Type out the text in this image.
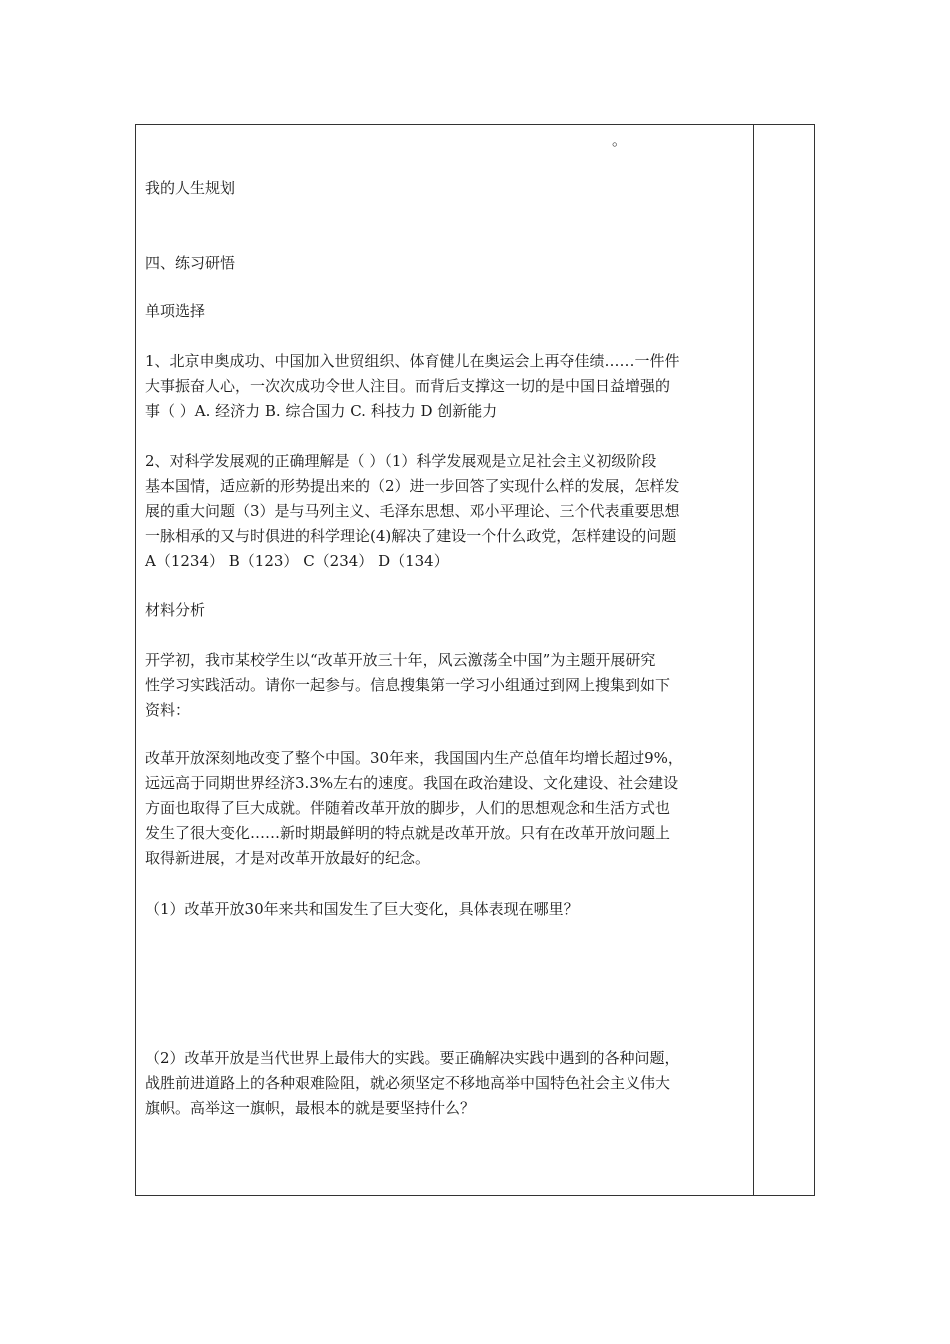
。
我的人生规划
四、练习研悟
单项选择
1、北京申奥成功、中国加入世贸组织、体育健儿在奥运会上再夺佳绩……一件件
大事振奋人心，一次次成功令世人注目。而背后支撑这一切的是中国日益增强的
事（ ）A. 经济力 B. 综合国力 C. 科技力 D 创新能力
2、对科学发展观的正确理解是（ ）（1）科学发展观是立足社会主义初级阶段
基本国情，适应新的形势提出来的（2）进一步回答了实现什么样的发展，怎样发
展的重大问题（3）是与马列主义、毛泽东思想、邓小平理论、三个代表重要思想
一脉相承的又与时俱进的科学理论(4)解决了建设一个什么政党，怎样建设的问题
A（1234） B（123） C（234） D（134）
材料分析
开学初，我市某校学生以“改革开放三十年，风云激荡全中国”为主题开展研究
性学习实践活动。请你一起参与。信息搜集第一学习小组通过到网上搜集到如下
资料：
改革开放深刻地改变了整个中国。30年来，我国国内生产总值年均增长超过9%，
远远高于同期世界经济3.3%左右的速度。我国在政治建设、文化建设、社会建设
方面也取得了巨大成就。伴随着改革开放的脚步，人们的思想观念和生活方式也
发生了很大变化……新时期最鲜明的特点就是改革开放。只有在改革开放问题上
取得新进展，才是对改革开放最好的纪念。
（1）改革开放30年来共和国发生了巨大变化，具体表现在哪里？
（2）改革开放是当代世界上最伟大的实践。要正确解决实践中遇到的各种问题，
战胜前进道路上的各种艰难险阻，就必须坚定不移地高举中国特色社会主义伟大
旗帜。高举这一旗帜，最根本的就是要坚持什么？
